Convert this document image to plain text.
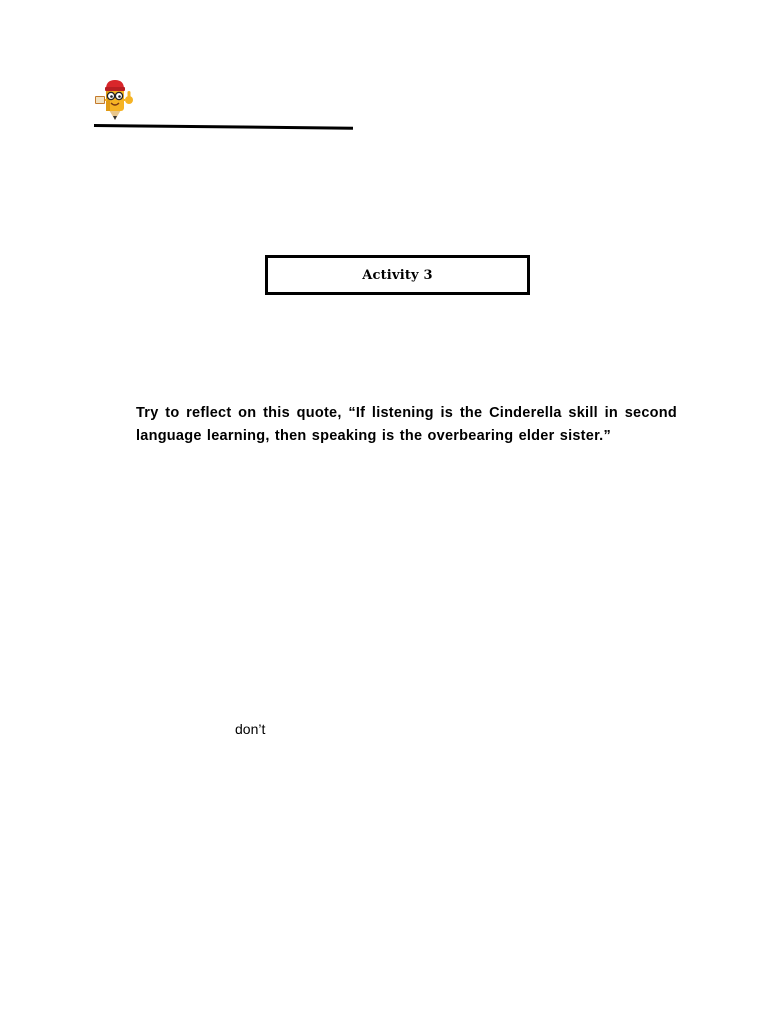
Activity 3

Try to reflect on this quote, “If listening is the Cinderella skill in second language learning, then speaking is the overbearing elder sister.”

don’t
